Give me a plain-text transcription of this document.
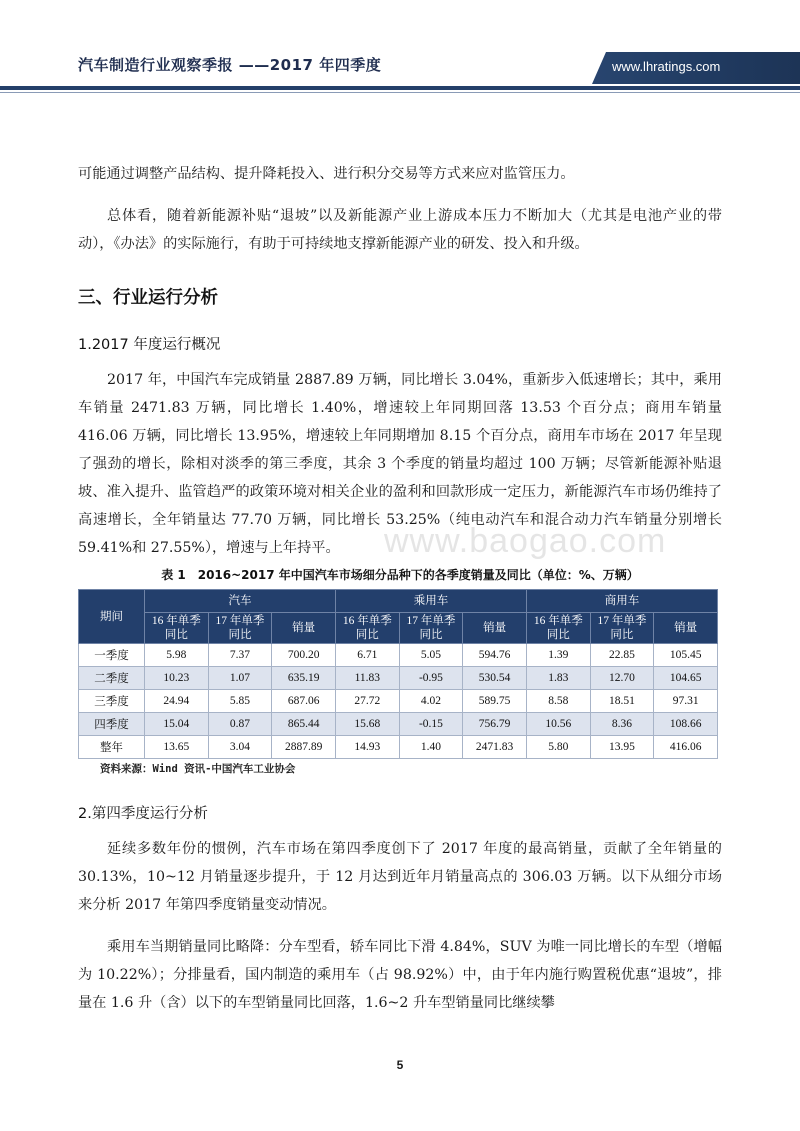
汽车制造行业观察季报 ——2017 年四季度	www.lhratings.com
www.baogao.com

可能通过调整产品结构、提升降耗投入、进行积分交易等方式来应对监管压力。

总体看，随着新能源补贴“退坡”以及新能源产业上游成本压力不断加大（尤其是电池产业的带动），《办法》的实际施行，有助于可持续地支撑新能源产业的研发、投入和升级。

三、行业运行分析
1.2017 年度运行概况

2017 年，中国汽车完成销量 2887.89 万辆，同比增长 3.04%，重新步入低速增长；其中，乘用车销量 2471.83 万辆，同比增长 1.40%，增速较上年同期回落 13.53 个百分点；商用车销量 416.06 万辆，同比增长 13.95%，增速较上年同期增加 8.15 个百分点，商用车市场在 2017 年呈现了强劲的增长，除相对淡季的第三季度，其余 3 个季度的销量均超过 100 万辆；尽管新能源补贴退坡、准入提升、监管趋严的政策环境对相关企业的盈利和回款形成一定压力，新能源汽车市场仍维持了高速增长，全年销量达 77.70 万辆，同比增长 53.25%（纯电动汽车和混合动力汽车销量分别增长 59.41%和 27.55%），增速与上年持平。

表 1　2016~2017 年中国汽车市场细分品种下的各季度销量及同比（单位：%、万辆）
期间	汽车			乘用车			商用车		
	16 年单季同比	17 年单季同比	销量	16 年单季同比	17 年单季同比	销量	16 年单季同比	17 年单季同比	销量
一季度	5.98	7.37	700.20	6.71	5.05	594.76	1.39	22.85	105.45
二季度	10.23	1.07	635.19	11.83	-0.95	530.54	1.83	12.70	104.65
三季度	24.94	5.85	687.06	27.72	4.02	589.75	8.58	18.51	97.31
四季度	15.04	0.87	865.44	15.68	-0.15	756.79	10.56	8.36	108.66
整年	13.65	3.04	2887.89	14.93	1.40	2471.83	5.80	13.95	416.06
资料来源：Wind 资讯-中国汽车工业协会
2.第四季度运行分析

延续多数年份的惯例，汽车市场在第四季度创下了 2017 年度的最高销量，贡献了全年销量的 30.13%，10~12 月销量逐步提升，于 12 月达到近年月销量高点的 306.03 万辆。以下从细分市场来分析 2017 年第四季度销量变动情况。

乘用车当期销量同比略降：分车型看，轿车同比下滑 4.84%，SUV 为唯一同比增长的车型（增幅为 10.22%）；分排量看，国内制造的乘用车（占 98.92%）中，由于年内施行购置税优惠“退坡”，排量在 1.6 升（含）以下的车型销量同比回落，1.6~2 升车型销量同比继续攀

5
